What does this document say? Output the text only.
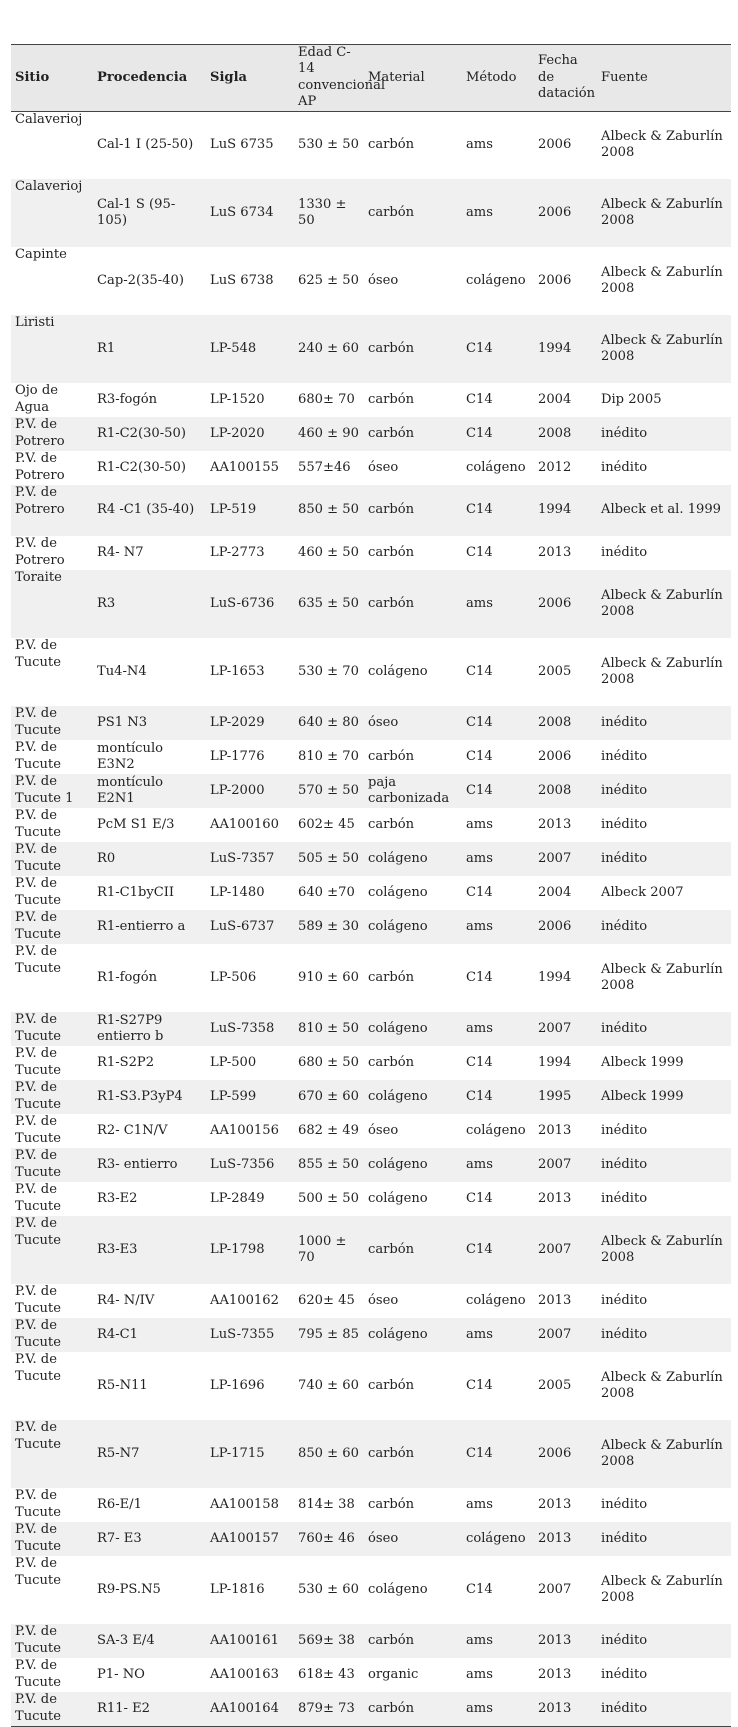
Sitio	Procedencia	Sigla	Edad C-14 convencional AP	Material	Método	Fecha de datación	Fuente	
Calaverioj	Cal-1 I (25-50)	LuS 6735	530 ± 50	carbón	ams	2006	Albeck & Zaburlín 2008	
Calaverioj	Cal-1 S (95-105)	LuS 6734	1330 ± 50	carbón	ams	2006	Albeck & Zaburlín 2008	
Capinte	Cap-2(35-40)	LuS 6738	625 ± 50	óseo	colágeno	2006	Albeck & Zaburlín 2008	
Liristi	R1	LP-548	240 ± 60	carbón	C14	1994	Albeck & Zaburlín 2008	
Ojo de Agua	R3-fogón	LP-1520	680± 70	carbón	C14	2004	Dip 2005	
P.V. de Potrero	R1-C2(30-50)	LP-2020	460 ± 90	carbón	C14	2008	inédito	
P.V. de Potrero	R1-C2(30-50)	AA100155	557±46	óseo	colágeno	2012	inédito	
P.V. de Potrero	R4 -C1 (35-40)	LP-519	850 ± 50	carbón	C14	1994	Albeck et al. 1999	
P.V. de Potrero	R4- N7	LP-2773	460 ± 50	carbón	C14	2013	inédito	
Toraite	R3	LuS-6736	635 ± 50	carbón	ams	2006	Albeck & Zaburlín 2008	
P.V. de Tucute	Tu4-N4	LP-1653	530 ± 70	colágeno	C14	2005	Albeck & Zaburlín 2008	
P.V. de Tucute	PS1 N3	LP-2029	640 ± 80	óseo	C14	2008	inédito	
P.V. de Tucute	montículo E3N2	LP-1776	810 ± 70	carbón	C14	2006	inédito	
P.V. de Tucute 1	montículo E2N1	LP-2000	570 ± 50	paja carbonizada	C14	2008	inédito	
P.V. de Tucute	PcM S1 E/3	AA100160	602± 45	carbón	ams	2013	inédito	
P.V. de Tucute	R0	LuS-7357	505 ± 50	colágeno	ams	2007	inédito	
P.V. de Tucute	R1-C1byCII	LP-1480	640 ±70	colágeno	C14	2004	Albeck 2007	
P.V. de Tucute	R1-entierro a	LuS-6737	589 ± 30	colágeno	ams	2006	inédito	
P.V. de Tucute	R1-fogón	LP-506	910 ± 60	carbón	C14	1994	Albeck & Zaburlín 2008	
P.V. de Tucute	R1-S27P9 entierro b	LuS-7358	810 ± 50	colágeno	ams	2007	inédito	
P.V. de Tucute	R1-S2P2	LP-500	680 ± 50	carbón	C14	1994	Albeck 1999	
P.V. de Tucute	R1-S3.P3yP4	LP-599	670 ± 60	colágeno	C14	1995	Albeck 1999	
P.V. de Tucute	R2- C1N/V	AA100156	682 ± 49	óseo	colágeno	2013	inédito	
P.V. de Tucute	R3- entierro	LuS-7356	855 ± 50	colágeno	ams	2007	inédito	
P.V. de Tucute	R3-E2	LP-2849	500 ± 50	colágeno	C14	2013	inédito	
P.V. de Tucute	R3-E3	LP-1798	1000 ± 70	carbón	C14	2007	Albeck & Zaburlín 2008	
P.V. de Tucute	R4- N/IV	AA100162	620± 45	óseo	colágeno	2013	inédito	
P.V. de Tucute	R4-C1	LuS-7355	795 ± 85	colágeno	ams	2007	inédito	
P.V. de Tucute	R5-N11	LP-1696	740 ± 60	carbón	C14	2005	Albeck & Zaburlín 2008	
P.V. de Tucute	R5-N7	LP-1715	850 ± 60	carbón	C14	2006	Albeck & Zaburlín 2008	
P.V. de Tucute	R6-E/1	AA100158	814± 38	carbón	ams	2013	inédito	
P.V. de Tucute	R7- E3	AA100157	760± 46	óseo	colágeno	2013	inédito	
P.V. de Tucute	R9-PS.N5	LP-1816	530 ± 60	colágeno	C14	2007	Albeck & Zaburlín 2008	
P.V. de Tucute	SA-3 E/4	AA100161	569± 38	carbón	ams	2013	inédito	
P.V. de Tucute	P1- NO	AA100163	618± 43	organic	ams	2013	inédito	
P.V. de Tucute	R11- E2	AA100164	879± 73	carbón	ams	2013	inédito	
